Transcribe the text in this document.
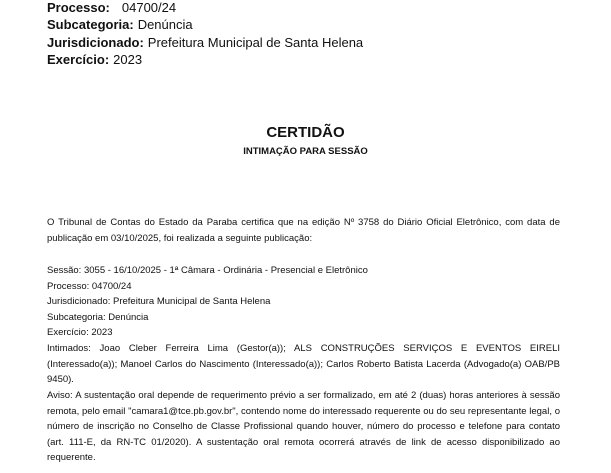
Processo: 04700/24
Subcategoria: Denúncia
Jurisdicionado: Prefeitura Municipal de Santa Helena
Exercício: 2023
CERTIDÃO
INTIMAÇÃO PARA SESSÃO
O Tribunal de Contas do Estado da Paraba certifica que na edição Nº 3758 do Diário Oficial Eletrônico, com data de publicação em 03/10/2025, foi realizada a seguinte publicação:
Sessão: 3055 - 16/10/2025 - 1ª Câmara - Ordinária - Presencial e Eletrônico
Processo: 04700/24
Jurisdicionado: Prefeitura Municipal de Santa Helena
Subcategoria: Denúncia
Exercício: 2023
Intimados: Joao Cleber Ferreira Lima (Gestor(a)); ALS CONSTRUÇÕES SERVIÇOS E EVENTOS EIRELI (Interessado(a)); Manoel Carlos do Nascimento (Interessado(a)); Carlos Roberto Batista Lacerda (Advogado(a) OAB/PB 9450).
Aviso: A sustentação oral depende de requerimento prévio a ser formalizado, em até 2 (duas) horas anteriores à sessão remota, pelo email "camara1@tce.pb.gov.br", contendo nome do interessado requerente ou do seu representante legal, o número de inscrição no Conselho de Classe Profissional quando houver, número do processo e telefone para contato (art. 111-E, da RN-TC 01/2020). A sustentação oral remota ocorrerá através de link de acesso disponibilizado ao requerente.
